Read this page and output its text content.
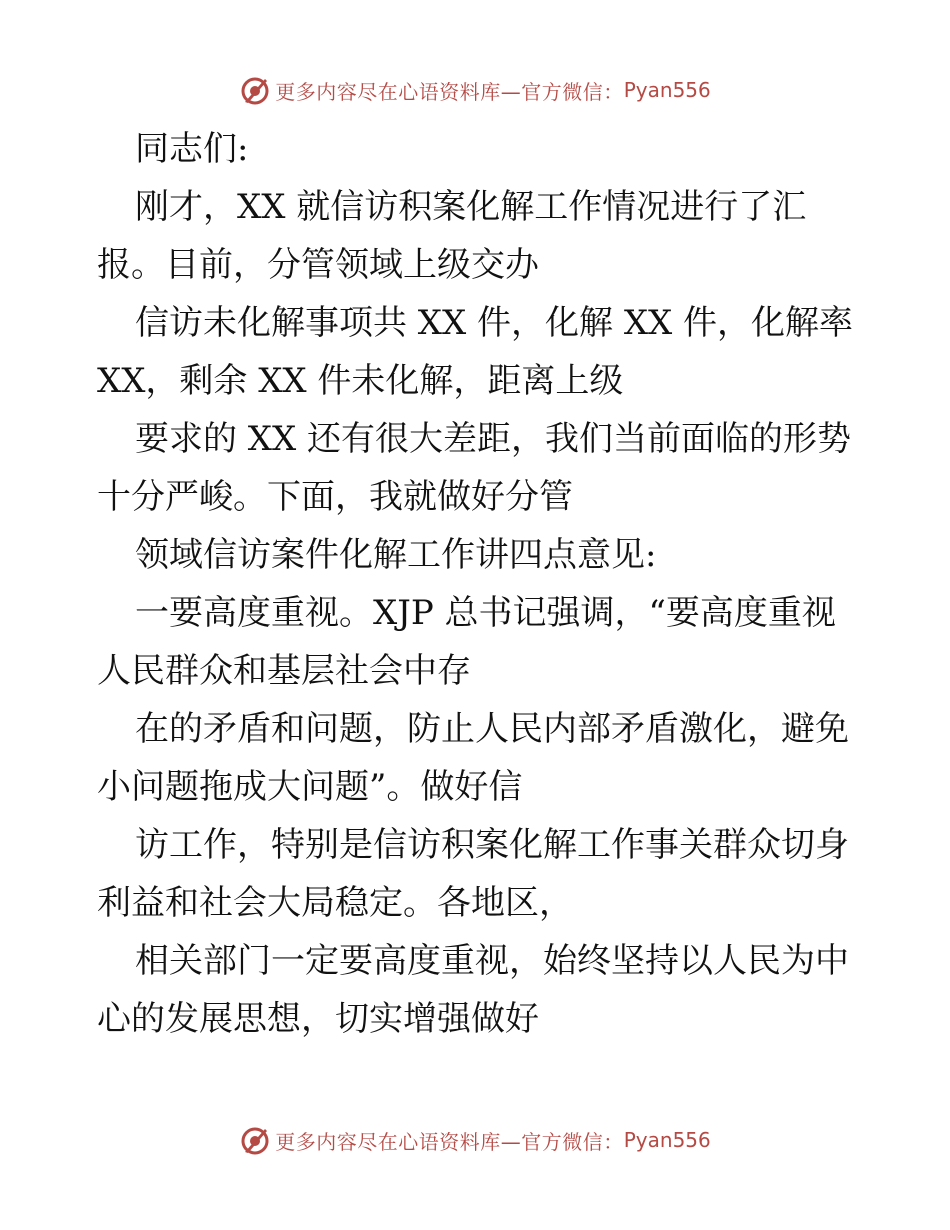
更多内容尽在心语资料库—官方微信： Pyan556
同志们:
刚才，XX 就信访积案化解工作情况进行了汇
报。目前，分管领域上级交办
信访未化解事项共 XX 件，化解 XX 件，化解率
XX，剩余 XX 件未化解，距离上级
要求的 XX 还有很大差距，我们当前面临的形势
十分严峻。下面，我就做好分管
领域信访案件化解工作讲四点意见:
一要高度重视。XJP 总书记强调，“要高度重视
人民群众和基层社会中存
在的矛盾和问题，防止人民内部矛盾激化，避免
小问题拖成大问题”。做好信
访工作，特别是信访积案化解工作事关群众切身
利益和社会大局稳定。各地区，
相关部门一定要高度重视，始终坚持以人民为中
心的发展思想，切实增强做好
更多内容尽在心语资料库—官方微信： Pyan556
